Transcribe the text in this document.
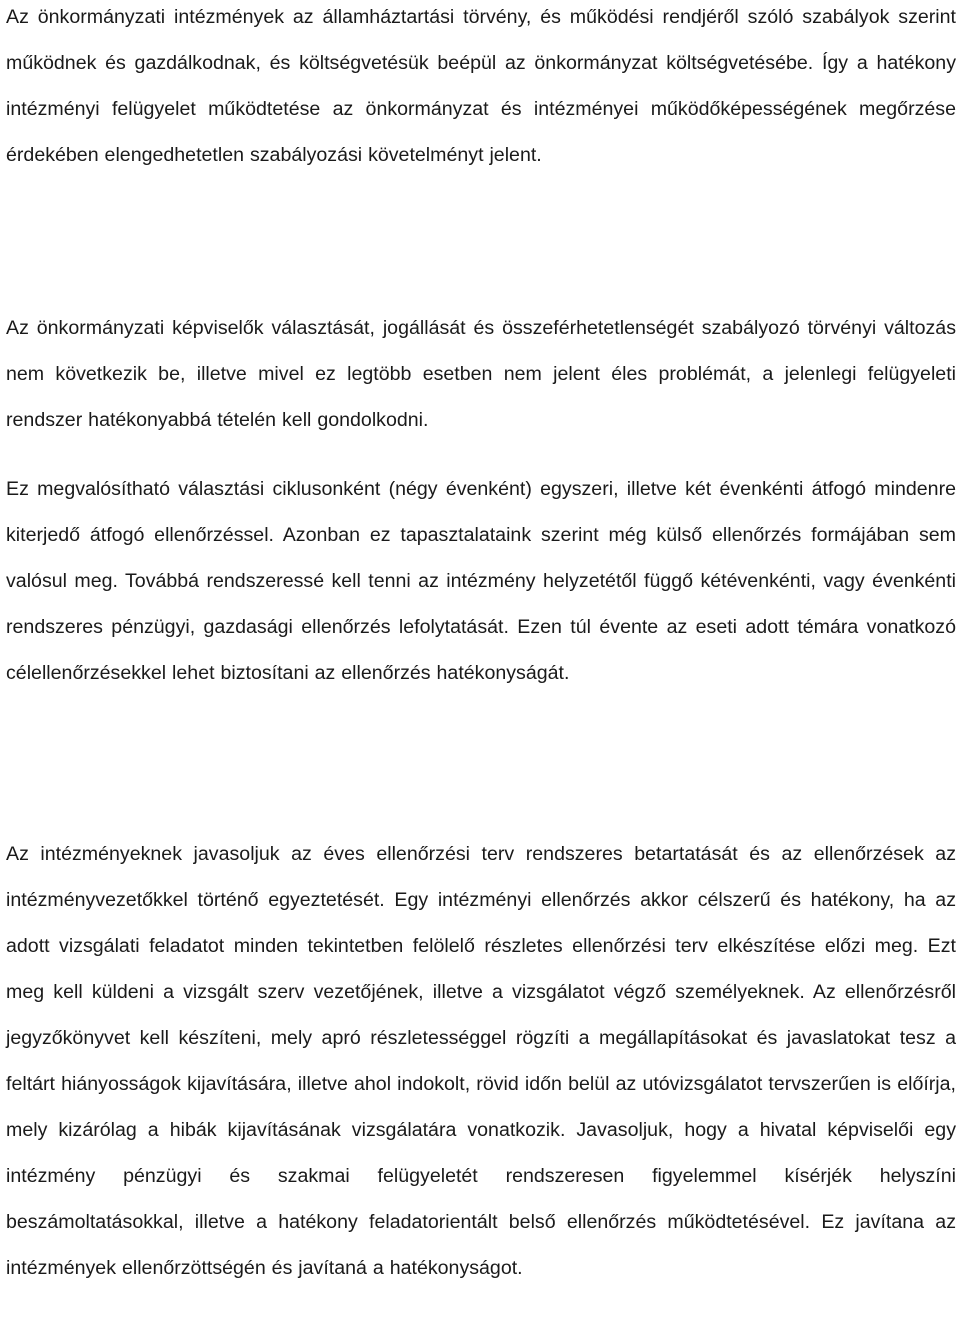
Az önkormányzati intézmények az államháztartási törvény, és működési rendjéről szóló szabályok szerint működnek és gazdálkodnak, és költségvetésük beépül az önkormányzat költségvetésébe. Így a hatékony intézményi felügyelet működtetése az önkormányzat és intézményei működőképességének megőrzése érdekében elengedhetetlen szabályozási követelményt jelent.

Az önkormányzati képviselők választását, jogállását és összeférhetetlenségét szabályozó törvényi változás nem következik be, illetve mivel ez legtöbb esetben nem jelent éles problémát, a jelenlegi felügyeleti rendszer hatékonyabbá tételén kell gondolkodni.

Ez megvalósítható választási ciklusonként (négy évenként) egyszeri, illetve két évenkénti átfogó mindenre kiterjedő átfogó ellenőrzéssel. Azonban ez tapasztalataink szerint még külső ellenőrzés formájában sem valósul meg. Továbbá rendszeressé kell tenni az intézmény helyzetétől függő kétévenkénti, vagy évenkénti rendszeres pénzügyi, gazdasági ellenőrzés lefolytatását. Ezen túl évente az eseti adott témára vonatkozó célellenőrzésekkel lehet biztosítani az ellenőrzés hatékonyságát.

Az intézményeknek javasoljuk az éves ellenőrzési terv rendszeres betartatását és az ellenőrzések az intézményvezetőkkel történő egyeztetését. Egy intézményi ellenőrzés akkor célszerű és hatékony, ha az adott vizsgálati feladatot minden tekintetben felölelő részletes ellenőrzési terv elkészítése előzi meg. Ezt meg kell küldeni a vizsgált szerv vezetőjének, illetve a vizsgálatot végző személyeknek. Az ellenőrzésről jegyzőkönyvet kell készíteni, mely apró részletességgel rögzíti a megállapításokat és javaslatokat tesz a feltárt hiányosságok kijavítására, illetve ahol indokolt, rövid időn belül az utóvizsgálatot tervszerűen is előírja, mely kizárólag a hibák kijavításának vizsgálatára vonatkozik. Javasoljuk, hogy a hivatal képviselői egy intézmény pénzügyi és szakmai felügyeletét rendszeresen figyelemmel kísérjék helyszíni beszámoltatásokkal, illetve a hatékony feladatorientált belső ellenőrzés működtetésével. Ez javítana az intézmények ellenőrzöttségén és javítaná a hatékonyságot.
